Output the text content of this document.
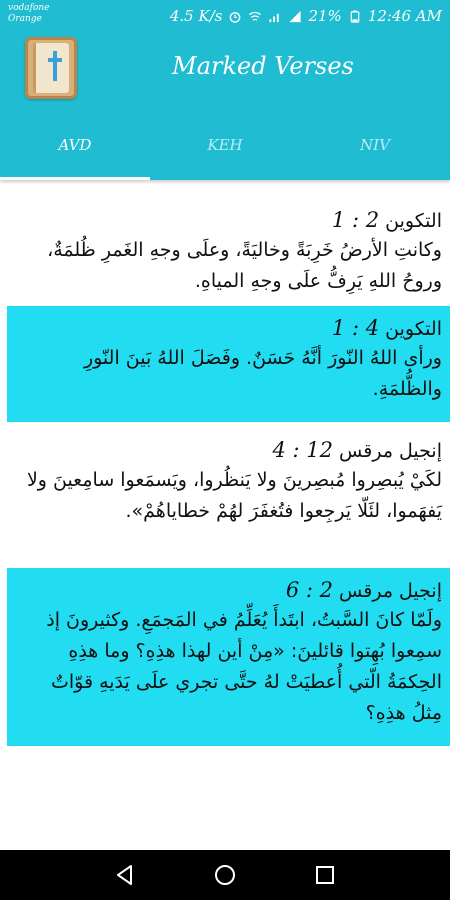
vodafone
Orange	4.5 K/s	21% 12:46 AM
Marked Verses
AVD	KEH	NIV
التكوين 1 : 2
وكانتِ الأرضُ خَرِبَةً وخاليَةً، وعلَى وجهِ الغَمرِ ظُلمَةٌ، وروحُ اللهِ يَرِفُّ علَى وجهِ المياهِ.
التكوين 1 : 4
ورأى اللهُ النّورَ أنَّهُ حَسَنٌ. وفَصَلَ اللهُ بَينَ النّورِ والظُّلمَةِ.
إنجيل مرقس 4 : 12
لكَيْ يُبصِروا مُبصِرينَ ولا يَنظُروا، ويَسمَعوا سامِعينَ ولا يَفهَموا، لئَلّا يَرجِعوا فتُغفَرَ لهُمْ خطاياهُمْ».
إنجيل مرقس 6 : 2
ولَمّا كانَ السَّبتُ، ابتَدأَ يُعَلِّمُ في المَجمَعِ. وكثيرونَ إذ سمِعوا بُهِتوا قائلينَ: «مِنْ أين لهذا هذِهِ؟ وما هذِهِ الحِكمَةُ الّتي أُعطيَتْ لهُ حتَّى تجري علَى يَدَيهِ قوّاتٌ مِثلُ هذِهِ؟
